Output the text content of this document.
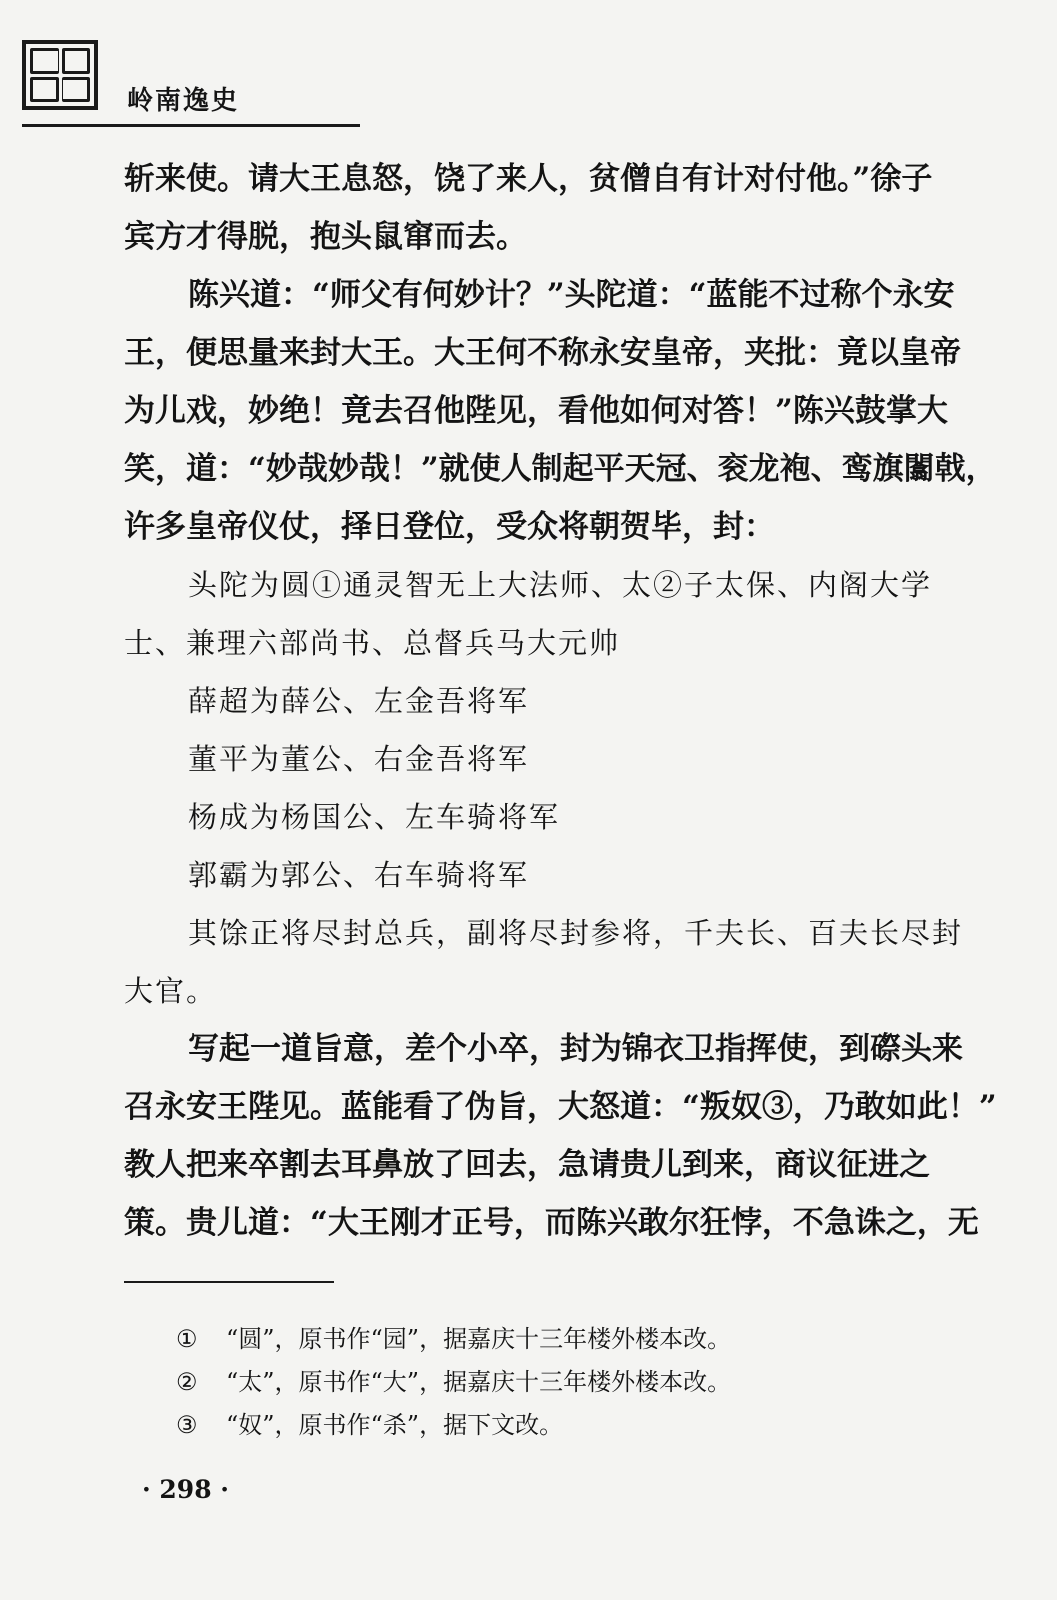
岭南逸史
斩来使。请大王息怒，饶了来人，贫僧自有计对付他。”徐子
宾方才得脱，抱头鼠窜而去。
陈兴道：“师父有何妙计？”头陀道：“蓝能不过称个永安
王，便思量来封大王。大王何不称永安皇帝，夹批：竟以皇帝
为儿戏，妙绝！竟去召他陛见，看他如何对答！”陈兴鼓掌大
笑，道：“妙哉妙哉！”就使人制起平天冠、衮龙袍、鸾旗闟戟，
许多皇帝仪仗，择日登位，受众将朝贺毕，封：
头陀为圆①通灵智无上大法师、太②子太保、内阁大学
士、兼理六部尚书、总督兵马大元帅
薛超为薛公、左金吾将军
董平为董公、右金吾将军
杨成为杨国公、左车骑将军
郭霸为郭公、右车骑将军
其馀正将尽封总兵，副将尽封参将，千夫长、百夫长尽封
大官。
写起一道旨意，差个小卒，封为锦衣卫指挥使，到磜头来
召永安王陛见。蓝能看了伪旨，大怒道：“叛奴③，乃敢如此！”
教人把来卒割去耳鼻放了回去，急请贵儿到来，商议征进之
策。贵儿道：“大王刚才正号，而陈兴敢尔狂悖，不急诛之，无
① “圆”，原书作“园”，据嘉庆十三年楼外楼本改。
② “太”，原书作“大”，据嘉庆十三年楼外楼本改。
③ “奴”，原书作“杀”，据下文改。
· 298 ·
